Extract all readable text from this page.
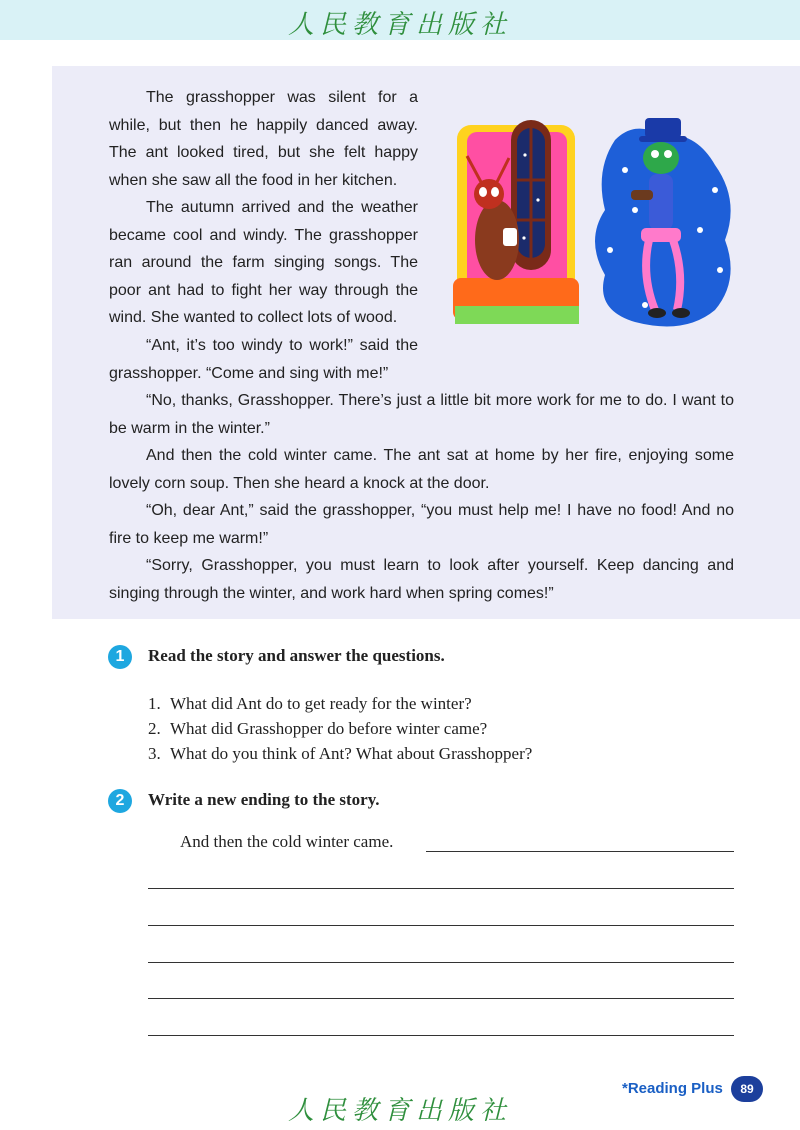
人民教育出版社

The grasshopper was silent for a while, but then he happily danced away. The ant looked tired, but she felt happy when she saw all the food in her kitchen.

The autumn arrived and the weather became cool and windy. The grasshopper ran around the farm singing songs. The poor ant had to fight her way through the wind. She wanted to collect lots of wood.

“Ant, it’s too windy to work!” said the grasshopper. “Come and sing with me!”

“No, thanks, Grasshopper. There’s just a little bit more work for me to do. I want to be warm in the winter.”

And then the cold winter came. The ant sat at home by her fire, enjoying some lovely corn soup. Then she heard a knock at the door.

“Oh, dear Ant,” said the grasshopper, “you must help me! I have no food! And no fire to keep me warm!”

“Sorry, Grasshopper, you must learn to look after yourself. Keep dancing and singing through the winter, and work hard when spring comes!”

1	Read the story and answer the questions.
1. What did Ant do to get ready for the winter?
2. What did Grasshopper do before winter came?
3. What do you think of Ant? What about Grasshopper?
2	Write a new ending to the story.
And then the cold winter came.
*Reading Plus	89
人民教育出版社
